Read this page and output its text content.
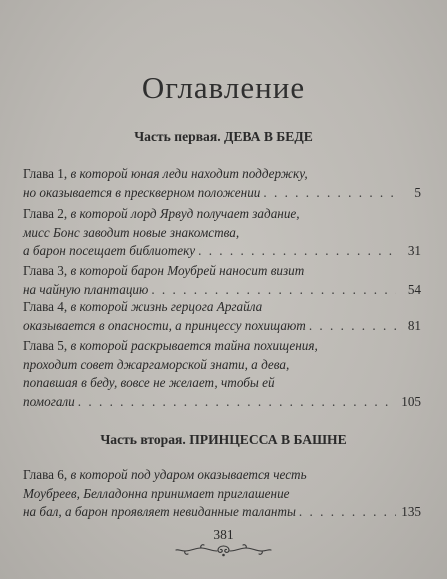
Оглавление
Часть первая. ДЕВА В БЕДЕ
Глава 1, в которой юная леди находит поддержку,
но оказывается в прескверном положении . . .	5
Глава 2, в которой лорд Ярвуд получает задание,
мисс Бонс заводит новые знакомства,
а барон посещает библиотеку . . .	31
Глава 3, в которой барон Моубрей наносит визит
на чайную плантацию . . .	54
Глава 4, в которой жизнь герцога Аргайла
оказывается в опасности, а принцессу похищают . . .	81
Глава 5, в которой раскрывается тайна похищения,
проходит совет джаргаморской знати, а дева,
попавшая в беду, вовсе не желает, чтобы ей
помогали . . .	105
Часть вторая. ПРИНЦЕССА В БАШНЕ
Глава 6, в которой под ударом оказывается честь
Моубреев, Белладонна принимает приглашение
на бал, а барон проявляет невиданные таланты . . .	135
381
